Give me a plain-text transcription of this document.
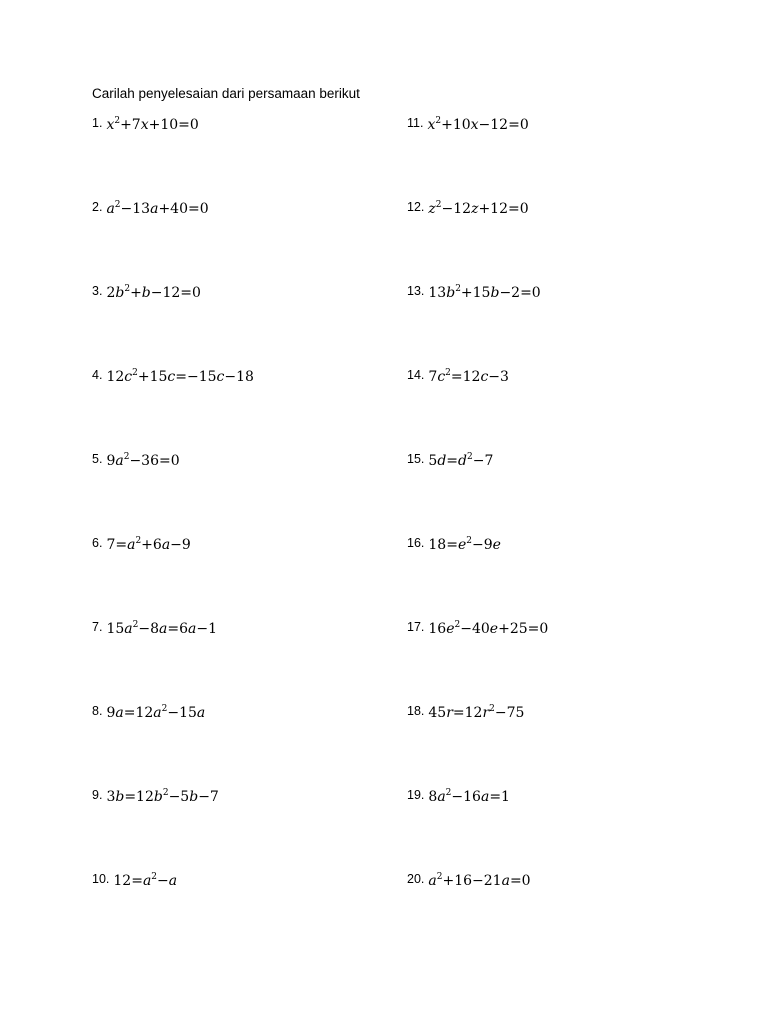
Carilah penyelesaian dari persamaan berikut
1. $x^2+7x+10=0$
2. $a^2-13a+40=0$
3. $2b^2+b-12=0$
4. $12c^2+15c=-15c-18$
5. $9a^2-36=0$
6. $7=a^2+6a-9$
7. $15a^2-8a=6a-1$
8. $9a=12a^2-15a$
9. $3b=12b^2-5b-7$
10. $12=a^2-a$
11. $x^2+10x-12=0$
12. $z^2-12z+12=0$
13. $13b^2+15b-2=0$
14. $7c^2=12c-3$
15. $5d=d^2-7$
16. $18=e^2-9e$
17. $16e^2-40e+25=0$
18. $45r=12r^2-75$
19. $8a^2-16a=1$
20. $a^2+16-21a=0$
